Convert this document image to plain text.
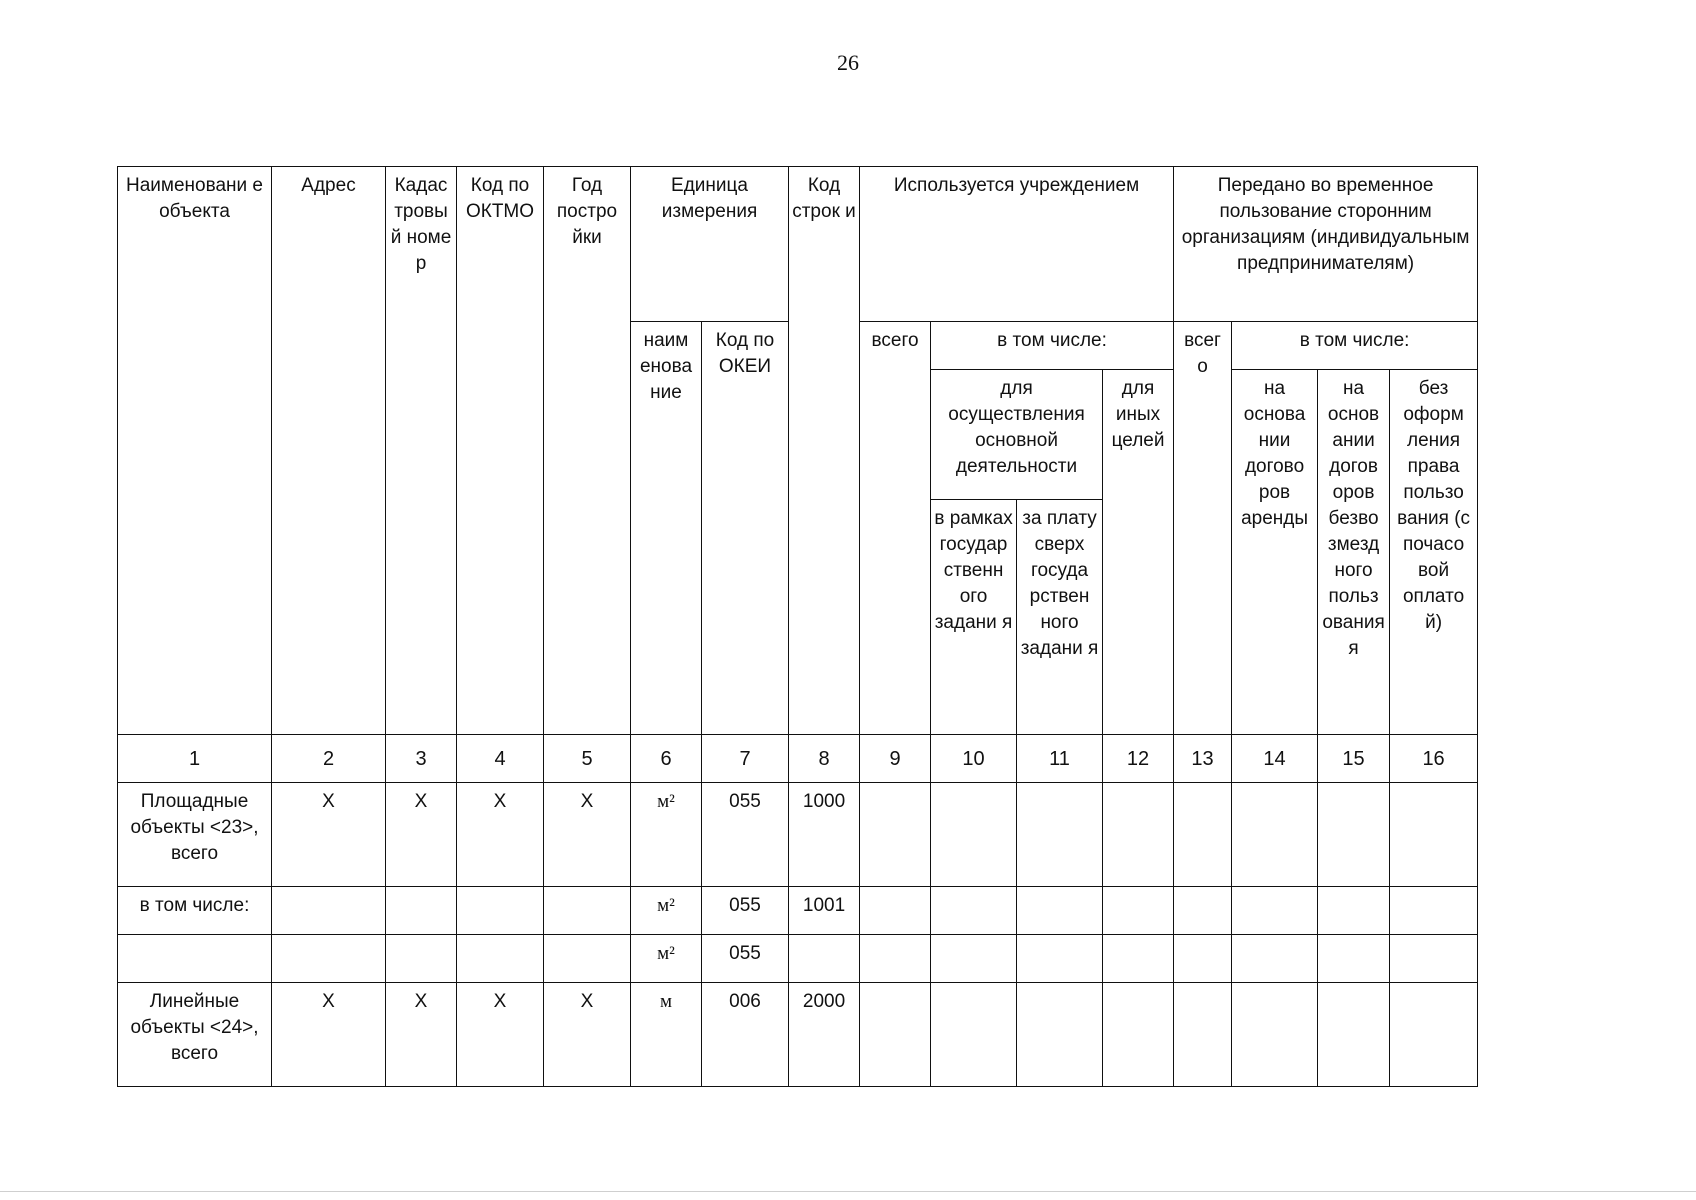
26
Наименовани е объекта	Адрес	Кадас тровы й номе р	Код по ОКТМО	Год постро йки	Единица измерения		Код строк и	Используется учреждением				Передано во временное пользование сторонним организациям (индивидуальным предпринимателям)			
					наим енова ние	Код по ОКЕИ		всего	в том числе:			всег о	в том числе:		
									для осуществления основной деятельности		для иных целей		на основа нии догово ров аренды	на основ ании догов оров безво змезд ного польз ования я	без оформ ления права пользо вания (с почасо вой оплато й)
									в рамках государ ственн ого задани я	за плату сверх госуда рствен ного задани я					
1	2	3	4	5	6	7	8	9	10	11	12	13	14	15	16
Площадные объекты <23>, всего	X	X	X	X	м²	055	1000								
в том числе:					м²	055	1001								
					м²	055									
Линейные объекты <24>, всего	X	X	X	X	м	006	2000								
